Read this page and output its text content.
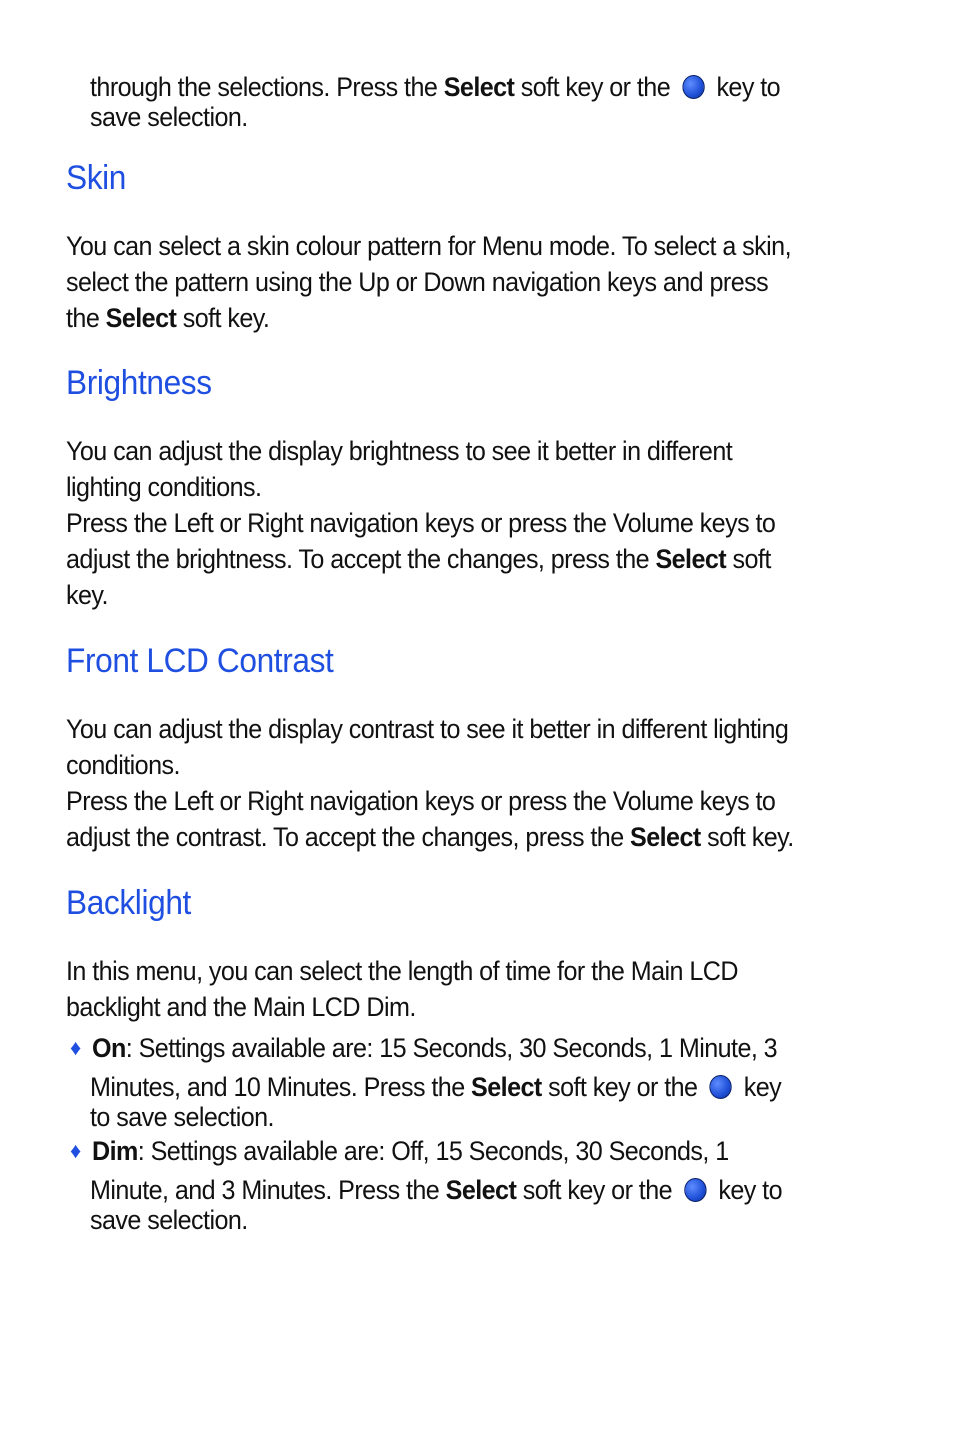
through the selections. Press the Select soft key or the  key to
save selection.
Skin
You can select a skin colour pattern for Menu mode. To select a skin,
select the pattern using the Up or Down navigation keys and press
the Select soft key.
Brightness
You can adjust the display brightness to see it better in different
lighting conditions.
Press the Left or Right navigation keys or press the Volume keys to
adjust the brightness. To accept the changes, press the Select soft
key.
Front LCD Contrast
You can adjust the display contrast to see it better in different lighting
conditions.
Press the Left or Right navigation keys or press the Volume keys to
adjust the contrast. To accept the changes, press the Select soft key.
Backlight
In this menu, you can select the length of time for the Main LCD
backlight and the Main LCD Dim.
♦ On: Settings available are: 15 Seconds, 30 Seconds, 1 Minute, 3
Minutes, and 10 Minutes. Press the Select soft key or the  key
to save selection.
♦ Dim: Settings available are: Off, 15 Seconds, 30 Seconds, 1
Minute, and 3 Minutes. Press the Select soft key or the  key to
save selection.
